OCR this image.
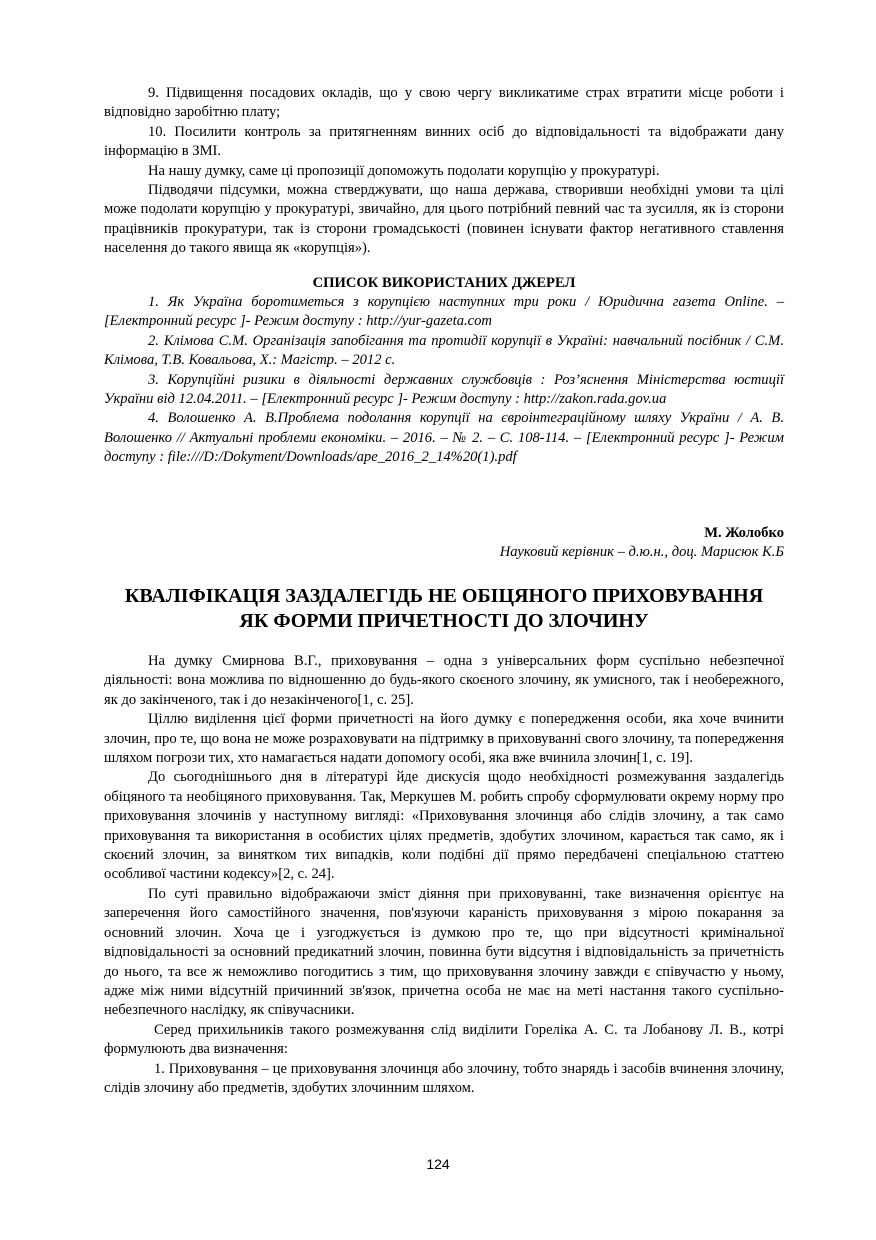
9. Підвищення посадових окладів, що у свою чергу викликатиме страх втратити місце роботи і відповідно заробітню плату;

10. Посилити контроль за притягненням винних осіб до відповідальності та відображати дану інформацію в ЗМІ.

На нашу думку, саме ці пропозиції допоможуть подолати корупцію у прокуратурі.

Підводячи підсумки, можна стверджувати, що наша держава, створивши необхідні умови та цілі може подолати корупцію у прокуратурі, звичайно, для цього потрібний певний час та зусилля, як із сторони працівників прокуратури, так із сторони громадськості (повинен існувати фактор негативного ставлення населення до такого явища як «корупція»).

СПИСОК ВИКОРИСТАНИХ ДЖЕРЕЛ

1. Як Україна боротиметься з корупцією наступних три роки / Юридична газета Online. – [Електронний ресурс ]- Режим доступу : http://yur-gazeta.com

2. Клімова С.М. Організація запобігання та протидії корупції в Україні: навчальний посібник / С.М. Клімова, Т.В. Ковальова, Х.: Магістр. – 2012 с.

3. Корупційні ризики в діяльності державних службовців : Роз’яснення Міністерства юстиції України від 12.04.2011. – [Електронний ресурс ]- Режим доступу : http://zakon.rada.gov.ua

4. Волошенко А. В.Проблема подолання корупції на євроінтеграційному шляху України / А. В. Волошенко // Актуальні проблеми економіки. – 2016. – № 2. – С. 108-114. – [Електронний ресурс ]- Режим доступу : file:///D:/Dokyment/Downloads/ape_2016_2_14%20(1).pdf

М. Жолобко
Науковий керівник – д.ю.н., доц. Марисюк К.Б

КВАЛІФІКАЦІЯ ЗАЗДАЛЕГІДЬ НЕ ОБІЦЯНОГО ПРИХОВУВАННЯ

ЯК ФОРМИ ПРИЧЕТНОСТІ ДО ЗЛОЧИНУ

На думку Смирнова В.Г., приховування – одна з універсальних форм суспільно небезпечної діяльності: вона можлива по відношенню до будь-якого скоєного злочину, як умисного, так і необережного, як до закінченого, так і до незакінченого[1, с. 25].

Ціллю виділення цієї форми причетності на його думку є попередження особи, яка хоче вчинити злочин, про те, що вона не може розраховувати на підтримку в приховуванні свого злочину, та попередження шляхом погрози тих, хто намагається надати допомогу особі, яка вже вчинила злочин[1, с. 19].

До сьогоднішнього дня в літературі йде дискусія щодо необхідності розмежування заздалегідь обіцяного та необіцяного приховування. Так, Меркушев М. робить спробу сформулювати окрему норму про приховування злочинів у наступному вигляді: «Приховування злочинця або слідів злочину, а так само приховування та використання в особистих цілях предметів, здобутих злочином, карається так само, як і скоєний злочин, за винятком тих випадків, коли подібні дії прямо передбачені спеціальною статтею особливої частини кодексу»[2, с. 24].

По суті правильно відображаючи зміст діяння при приховуванні, таке визначення орієнтує на заперечення його самостійного значення, пов'язуючи караність приховування з мірою покарання за основний злочин. Хоча це і узгоджується із думкою про те, що при відсутності кримінальної відповідальності за основний предикатний злочин, повинна бути відсутня і відповідальність за причетність до нього, та все ж неможливо погодитись з тим, що приховування злочину завжди є співучастю у ньому, адже між ними відсутній причинний зв'язок, причетна особа не має на меті настання такого суспільно-небезпечного наслідку, як співучасники.

Серед прихильників такого розмежування слід виділити Гореліка А. С. та Лобанову Л. В., котрі формулюють два визначення:

1. Приховування – це приховування злочинця або злочину, тобто знарядь і засобів вчинення злочину, слідів злочину або предметів, здобутих злочинним шляхом.

124
